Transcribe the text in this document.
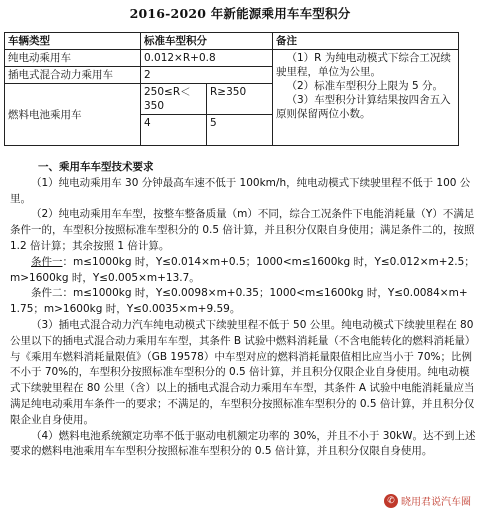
2016-2020 年新能源乘用车车型积分
车辆类型	标准车型积分		备注
纯电动乘用车	0.012×R+0.8		（1）R 为纯电动模式下综合工况续驶里程，单位为公里。
（2）标准车型积分上限为 5 分。
（3）车型积分计算结果按四舍五入原则保留两位小数。

插电式混合动力乘用车	2		
燃料电池乘用车	250≤R＜350	R≥350	
	4	5	
一、乘用车车型技术要求

（1）纯电动乘用车 30 分钟最高车速不低于 100km/h，纯电动模式下续驶里程不低于 100 公里。

（2）纯电动乘用车车型，按整车整备质量（m）不同，综合工况条件下电能消耗量（Y）不满足条件一的，车型积分按照标准车型积分的 0.5 倍计算，并且积分仅限自身使用；满足条件二的，按照 1.2 倍计算；其余按照 1 倍计算。

条件一：m≤1000kg 时，Y≤0.014×m+0.5；1000<m≤1600kg 时，Y≤0.012×m+2.5；m>1600kg 时，Y≤0.005×m+13.7。

条件二：m≤1000kg 时，Y≤0.0098×m+0.35；1000<m≤1600kg 时，Y≤0.0084×m+1.75；m>1600kg 时，Y≤0.0035×m+9.59。

（3）插电式混合动力汽车纯电动模式下续驶里程不低于 50 公里。纯电动模式下续驶里程在 80 公里以下的插电式混合动力乘用车车型，其条件 B 试验中燃料消耗量（不含电能转化的燃料消耗量）与《乘用车燃料消耗量限值》（GB 19578）中车型对应的燃料消耗量限值相比应当小于 70%；比例不小于 70%的，车型积分按照标准车型积分的 0.5 倍计算，并且积分仅限企业自身使用。纯电动模式下续驶里程在 80 公里（含）以上的插电式混合动力乘用车车型，其条件 A 试验中电能消耗量应当满足纯电动乘用车条件一的要求；不满足的，车型积分按照标准车型积分的 0.5 倍计算，并且积分仅限企业自身使用。

（4）燃料电池系统额定功率不低于驱动电机额定功率的 30%，并且不小于 30kW。达不到上述要求的燃料电池乘用车车型积分按照标准车型积分的 0.5 倍计算，并且积分仅限自身使用。

✆ 晓用君说汽车圈
